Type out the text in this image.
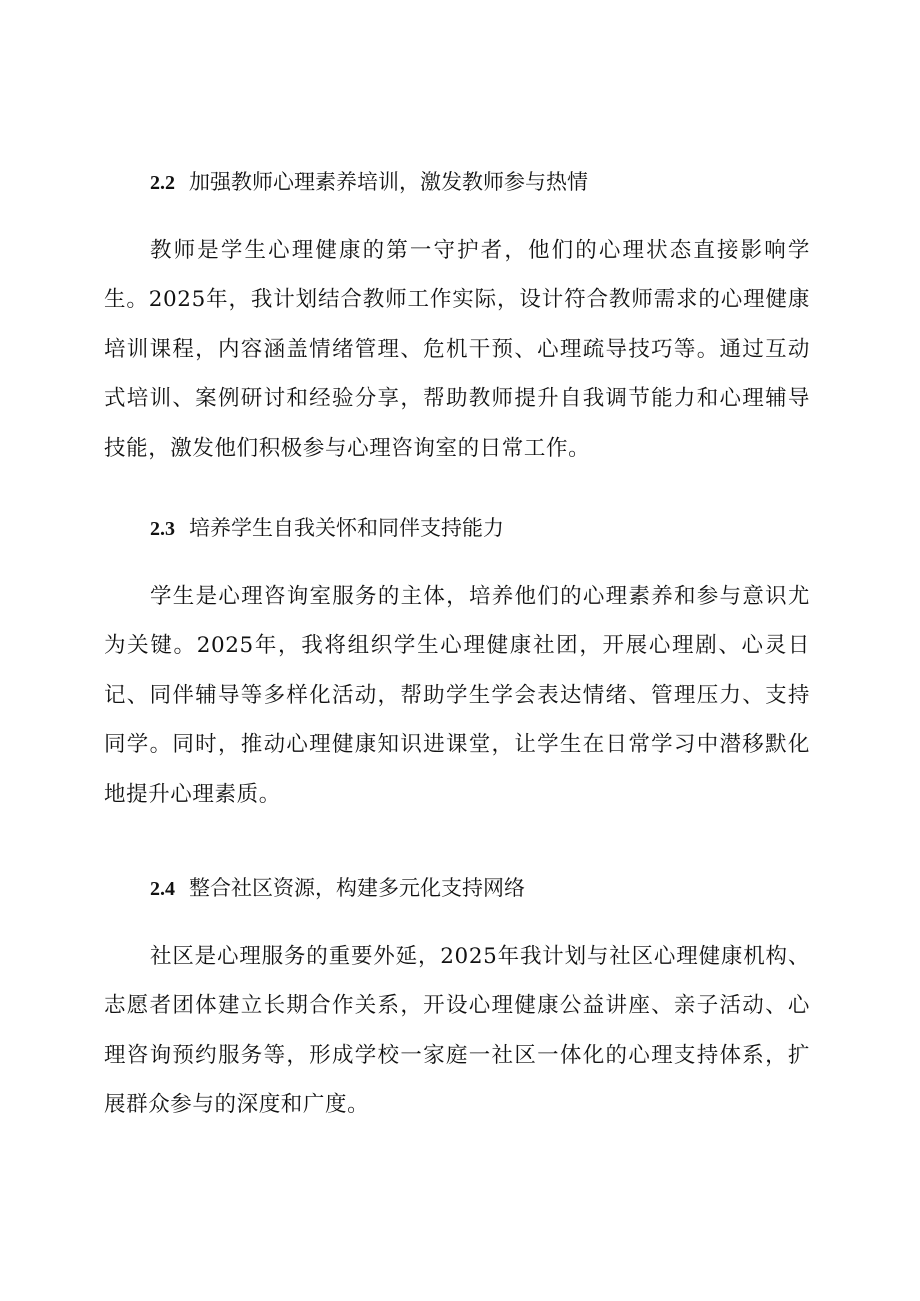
2.2 加强教师心理素养培训，激发教师参与热情

教师是学生心理健康的第一守护者，他们的心理状态直接影响学生。2025年，我计划结合教师工作实际，设计符合教师需求的心理健康培训课程，内容涵盖情绪管理、危机干预、心理疏导技巧等。通过互动式培训、案例研讨和经验分享，帮助教师提升自我调节能力和心理辅导技能，激发他们积极参与心理咨询室的日常工作。

2.3 培养学生自我关怀和同伴支持能力

学生是心理咨询室服务的主体，培养他们的心理素养和参与意识尤为关键。2025年，我将组织学生心理健康社团，开展心理剧、心灵日记、同伴辅导等多样化活动，帮助学生学会表达情绪、管理压力、支持同学。同时，推动心理健康知识进课堂，让学生在日常学习中潜移默化地提升心理素质。

2.4 整合社区资源，构建多元化支持网络

社区是心理服务的重要外延，2025年我计划与社区心理健康机构、志愿者团体建立长期合作关系，开设心理健康公益讲座、亲子活动、心理咨询预约服务等，形成学校一家庭一社区一体化的心理支持体系，扩展群众参与的深度和广度。
